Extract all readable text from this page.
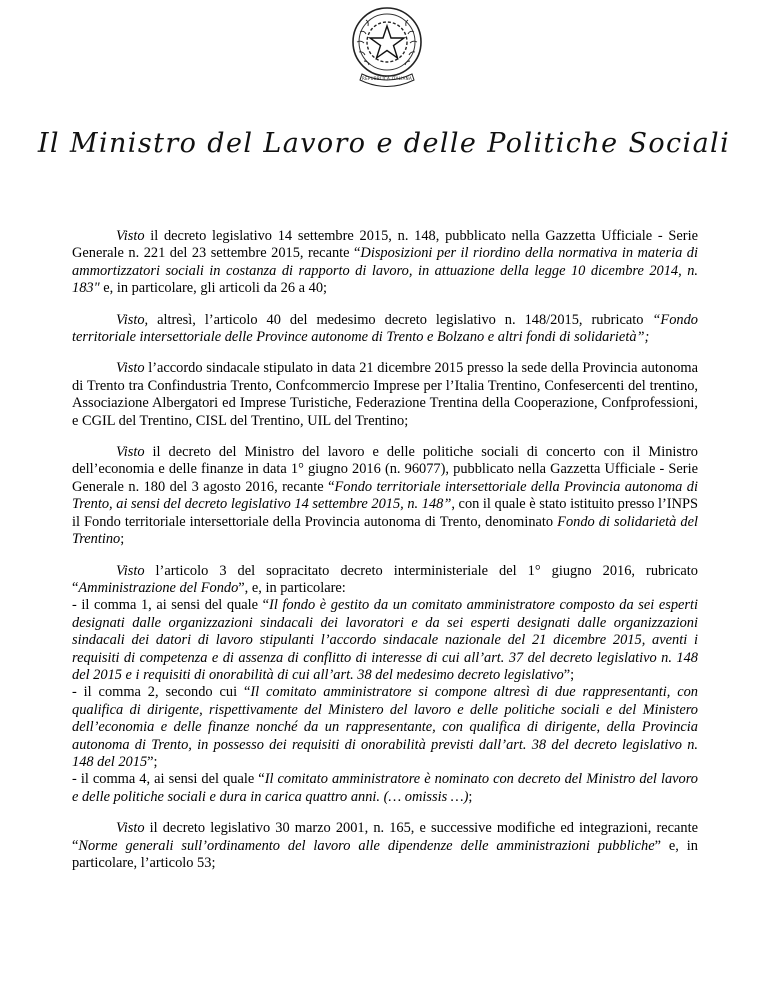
REPUBBLICA ITALIANA
Il Ministro del Lavoro e delle Politiche Sociali

Visto il decreto legislativo 14 settembre 2015, n. 148, pubblicato nella Gazzetta Ufficiale - Serie Generale n. 221 del 23 settembre 2015, recante “Disposizioni per il riordino della normativa in materia di ammortizzatori sociali in costanza di rapporto di lavoro, in attuazione della legge 10 dicembre 2014, n. 183" e, in particolare, gli articoli da 26 a 40;

Visto, altresì, l’articolo 40 del medesimo decreto legislativo n. 148/2015, rubricato “Fondo territoriale intersettoriale delle Province autonome di Trento e Bolzano e altri fondi di solidarietà”;

Visto l’accordo sindacale stipulato in data 21 dicembre 2015 presso la sede della Provincia autonoma di Trento tra Confindustria Trento, Confcommercio Imprese per l’Italia Trentino, Confesercenti del trentino, Associazione Albergatori ed Imprese Turistiche, Federazione Trentina della Cooperazione, Confprofessioni, e CGIL del Trentino, CISL del Trentino, UIL del Trentino;

Visto il decreto del Ministro del lavoro e delle politiche sociali di concerto con il Ministro dell’economia e delle finanze in data 1° giugno 2016 (n. 96077), pubblicato nella Gazzetta Ufficiale - Serie Generale n. 180 del 3 agosto 2016, recante “Fondo territoriale intersettoriale della Provincia autonoma di Trento, ai sensi del decreto legislativo 14 settembre 2015, n. 148”, con il quale è stato istituito presso l’INPS il Fondo territoriale intersettoriale della Provincia autonoma di Trento, denominato Fondo di solidarietà del Trentino;

Visto l’articolo 3 del sopracitato decreto interministeriale del 1° giugno 2016, rubricato “Amministrazione del Fondo”, e, in particolare:
- il comma 1, ai sensi del quale “Il fondo è gestito da un comitato amministratore composto da sei esperti designati dalle organizzazioni sindacali dei lavoratori e da sei esperti designati dalle organizzazioni sindacali dei datori di lavoro stipulanti l’accordo sindacale nazionale del 21 dicembre 2015, aventi i requisiti di competenza e di assenza di conflitto di interesse di cui all’art. 37 del decreto legislativo n. 148 del 2015 e i requisiti di onorabilità di cui all’art. 38 del medesimo decreto legislativo”;
- il comma 2, secondo cui “Il comitato amministratore si compone altresì di due rappresentanti, con qualifica di dirigente, rispettivamente del Ministero del lavoro e delle politiche sociali e del Ministero dell’economia e delle finanze nonché da un rappresentante, con qualifica di dirigente, della Provincia autonoma di Trento, in possesso dei requisiti di onorabilità previsti dall’art. 38 del decreto legislativo n. 148 del 2015”;
- il comma 4, ai sensi del quale “Il comitato amministratore è nominato con decreto del Ministro del lavoro e delle politiche sociali e dura in carica quattro anni. (… omissis …);

Visto il decreto legislativo 30 marzo 2001, n. 165, e successive modifiche ed integrazioni, recante “Norme generali sull’ordinamento del lavoro alle dipendenze delle amministrazioni pubbliche” e, in particolare, l’articolo 53;
